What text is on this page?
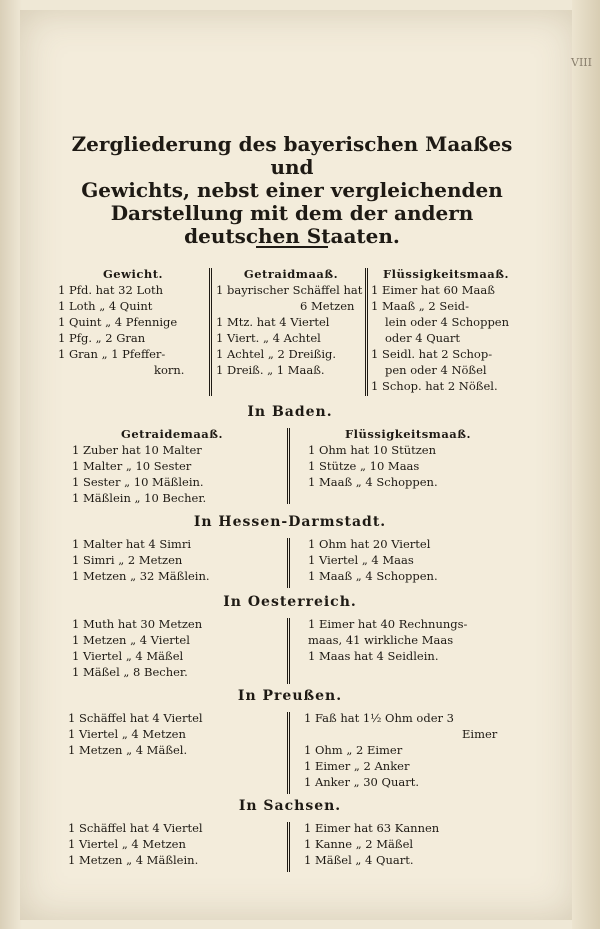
VIII
Zergliederung des bayerischen Maaßes und
Gewichts, nebst einer vergleichenden
Darstellung mit dem der andern
deutschen Staaten.
Gewicht.
1 Pfd. hat 32 Loth
1 Loth „ 4 Quint
1 Quint „ 4 Pfennige
1 Pfg. „ 2 Gran
1 Gran „ 1 Pfeffer-
korn.
Getraidmaaß.
1 bayrischer Schäffel hat
6 Metzen
1 Mtz. hat 4 Viertel
1 Viert. „ 4 Achtel
1 Achtel „ 2 Dreißig.
1 Dreiß. „ 1 Maaß.
Flüssigkeitsmaaß.
1 Eimer hat 60 Maaß
1 Maaß „ 2 Seid-
lein oder 4 Schoppen
oder 4 Quart
1 Seidl. hat 2 Schop-
pen oder 4 Nößel
1 Schop. hat 2 Nößel.
In Baden.
Getraidemaaß.
1 Zuber hat 10 Malter
1 Malter „ 10 Sester
1 Sester „ 10 Mäßlein.
1 Mäßlein „ 10 Becher.
Flüssigkeitsmaaß.
1 Ohm hat 10 Stützen
1 Stütze „ 10 Maas
1 Maaß „ 4 Schoppen.
In Hessen-Darmstadt.
1 Malter hat 4 Simri
1 Simri „ 2 Metzen
1 Metzen „ 32 Mäßlein.
1 Ohm hat 20 Viertel
1 Viertel „ 4 Maas
1 Maaß „ 4 Schoppen.
In Oesterreich.
1 Muth hat 30 Metzen
1 Metzen „ 4 Viertel
1 Viertel „ 4 Mäßel
1 Mäßel „ 8 Becher.
1 Eimer hat 40 Rechnungs-
maas, 41 wirkliche Maas
1 Maas hat 4 Seidlein.
In Preußen.
1 Schäffel hat 4 Viertel
1 Viertel „ 4 Metzen
1 Metzen „ 4 Mäßel.
1 Faß hat 1½ Ohm oder 3
Eimer
1 Ohm „ 2 Eimer
1 Eimer „ 2 Anker
1 Anker „ 30 Quart.
In Sachsen.
1 Schäffel hat 4 Viertel
1 Viertel „ 4 Metzen
1 Metzen „ 4 Mäßlein.
1 Eimer hat 63 Kannen
1 Kanne „ 2 Mäßel
1 Mäßel „ 4 Quart.
